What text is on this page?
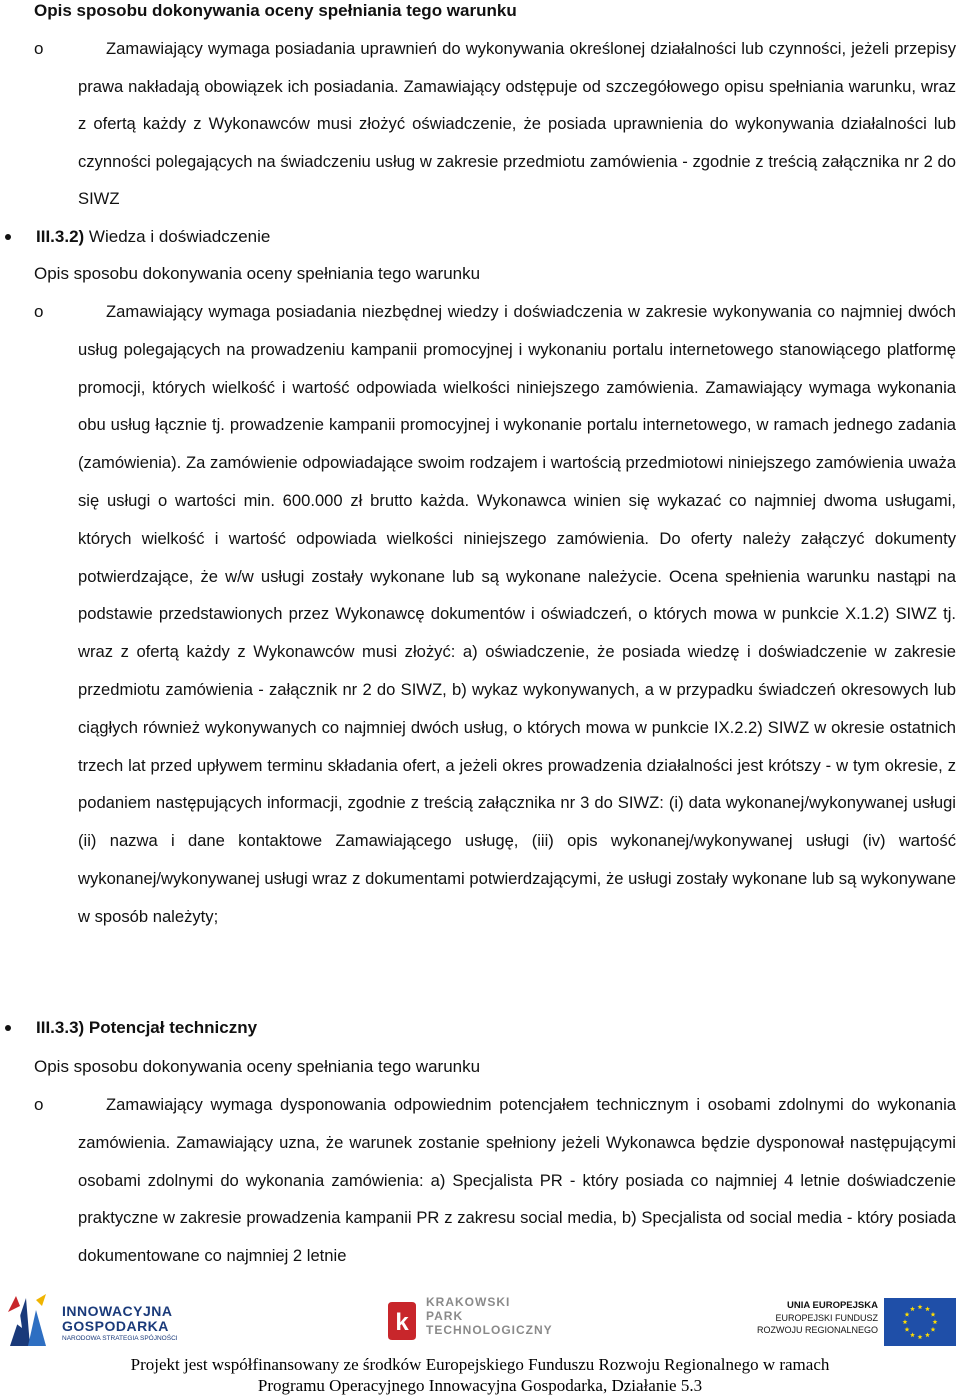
Opis sposobu dokonywania oceny spełniania tego warunku
o	Zamawiający wymaga posiadania uprawnień do wykonywania określonej działalności lub czynności, jeżeli przepisy prawa nakładają obowiązek ich posiadania. Zamawiający odstępuje od szczegółowego opisu spełniania warunku, wraz z ofertą każdy z Wykonawców musi złożyć oświadczenie, że posiada uprawnienia do wykonywania działalności lub czynności polegających na świadczeniu usług w zakresie przedmiotu zamówienia - zgodnie z treścią załącznika nr 2 do SIWZ
III.3.2) Wiedza i doświadczenie
Opis sposobu dokonywania oceny spełniania tego warunku
o	Zamawiający wymaga posiadania niezbędnej wiedzy i doświadczenia w zakresie wykonywania co najmniej dwóch usług polegających na prowadzeniu kampanii promocyjnej i wykonaniu portalu internetowego stanowiącego platformę promocji, których wielkość i wartość odpowiada wielkości niniejszego zamówienia. Zamawiający wymaga wykonania obu usług łącznie tj. prowadzenie kampanii promocyjnej i wykonanie portalu internetowego, w ramach jednego zadania (zamówienia). Za zamówienie odpowiadające swoim rodzajem i wartością przedmiotowi niniejszego zamówienia uważa się usługi o wartości min. 600.000 zł brutto każda. Wykonawca winien się wykazać co najmniej dwoma usługami, których wielkość i wartość odpowiada wielkości niniejszego zamówienia. Do oferty należy załączyć dokumenty potwierdzające, że w/w usługi zostały wykonane lub są wykonane należycie. Ocena spełnienia warunku nastąpi na podstawie przedstawionych przez Wykonawcę dokumentów i oświadczeń, o których mowa w punkcie X.1.2) SIWZ tj. wraz z ofertą każdy z Wykonawców musi złożyć: a) oświadczenie, że posiada wiedzę i doświadczenie w zakresie przedmiotu zamówienia - załącznik nr 2 do SIWZ, b) wykaz wykonywanych, a w przypadku świadczeń okresowych lub ciągłych również wykonywanych co najmniej dwóch usług, o których mowa w punkcie IX.2.2) SIWZ w okresie ostatnich trzech lat przed upływem terminu składania ofert, a jeżeli okres prowadzenia działalności jest krótszy - w tym okresie, z podaniem następujących informacji, zgodnie z treścią załącznika nr 3 do SIWZ: (i) data wykonanej/wykonywanej usługi (ii) nazwa i dane kontaktowe Zamawiającego usługę, (iii) opis wykonanej/wykonywanej usługi (iv) wartość wykonanej/wykonywanej usługi wraz z dokumentami potwierdzającymi, że usługi zostały wykonane lub są wykonywane w sposób należyty;
III.3.3) Potencjał techniczny
Opis sposobu dokonywania oceny spełniania tego warunku
o	Zamawiający wymaga dysponowania odpowiednim potencjałem technicznym i osobami zdolnymi do wykonania zamówienia. Zamawiający uzna, że warunek zostanie spełniony jeżeli Wykonawca będzie dysponował następującymi osobami zdolnymi do wykonania zamówienia: a) Specjalista PR - który posiada co najmniej 4 letnie doświadczenie praktyczne w zakresie prowadzenia kampanii PR z zakresu social media, b) Specjalista od social media - który posiada dokumentowane co najmniej 2 letnie
INNOWACYJNA
GOSPODARKA
NARODOWA STRATEGIA SPÓJNOŚCI
k
KRAKOWSKI
PARK
TECHNOLOGICZNY
UNIA EUROPEJSKA
EUROPEJSKI FUNDUSZ
ROZWOJU REGIONALNEGO
Projekt jest współfinansowany ze środków Europejskiego Funduszu Rozwoju Regionalnego w ramach
Programu Operacyjnego Innowacyjna Gospodarka, Działanie 5.3
